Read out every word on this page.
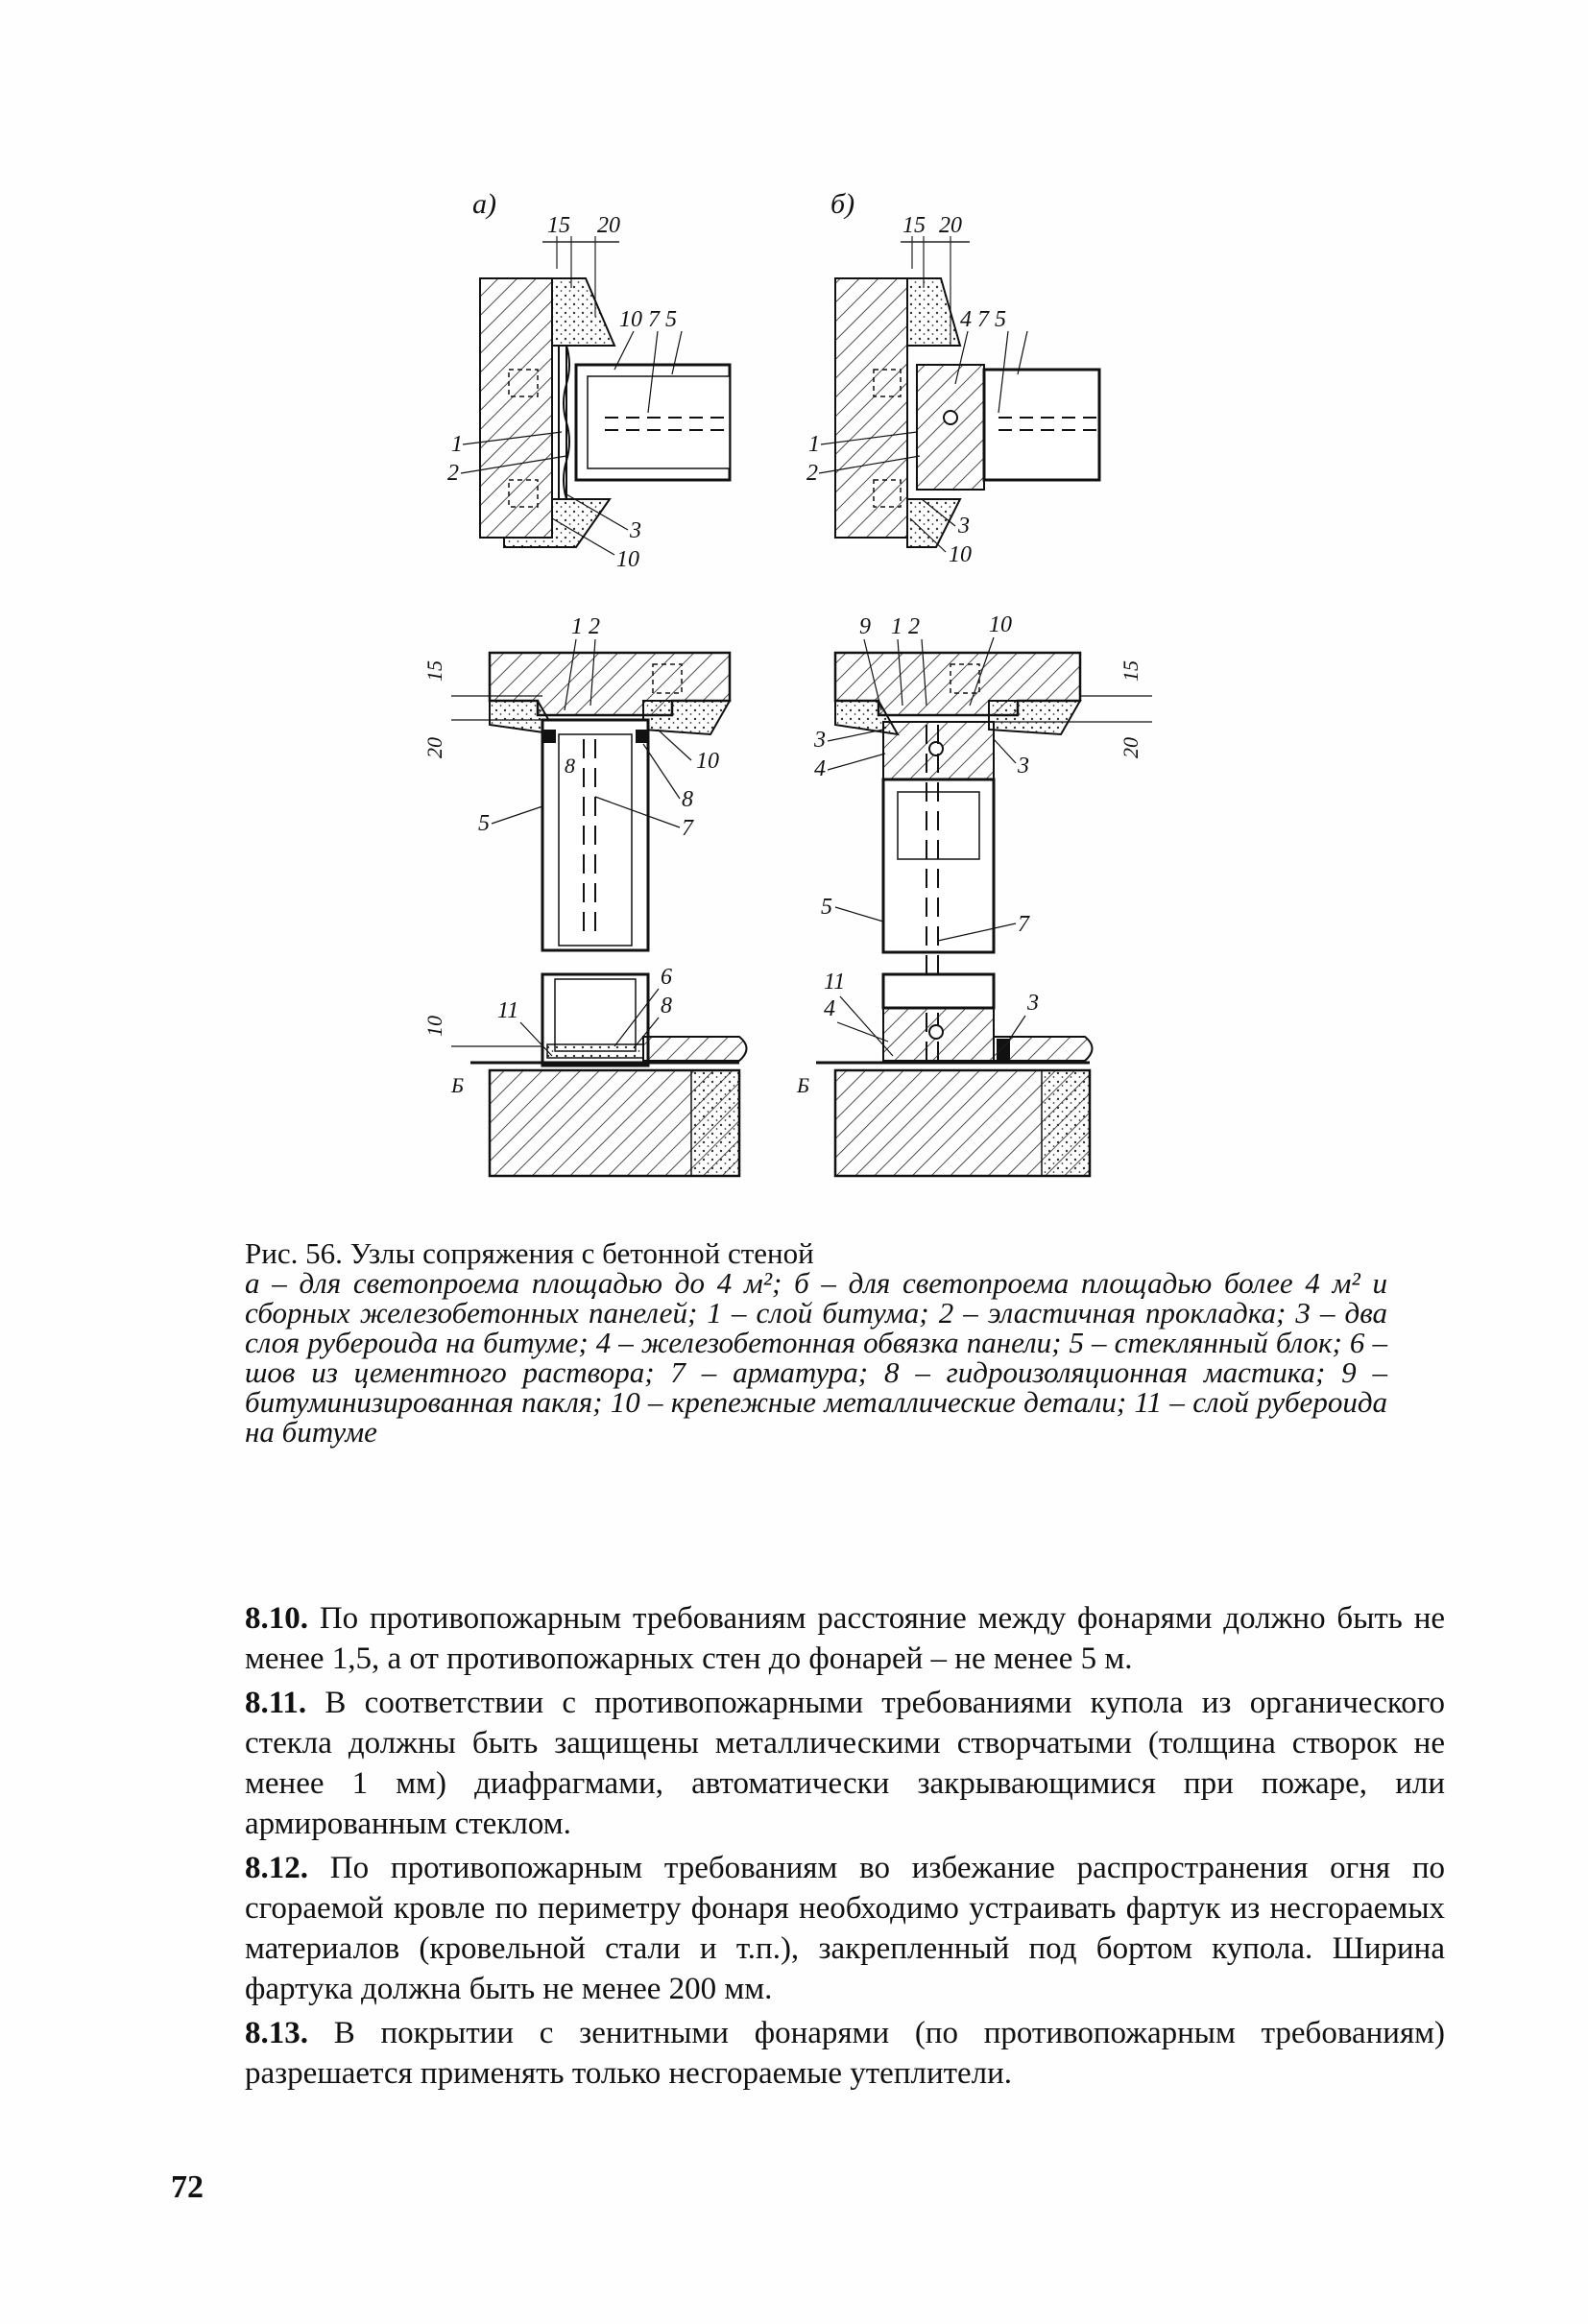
а)
15 20
10 7 5
1
2
3
10
б)
15 20
4 7 5
1
2
3
10
1 2
Б
15
20
10
8	10
8
7
5
6
8
11
9 1 2	10
Б
15
20
3
4	3
5
7
11
4	3
Рис. 56. Узлы сопряжения с бетонной стеной
а – для светопроема площадью до 4 м²; б – для светопроема площадью более 4 м² и сборных железобетонных панелей; 1 – слой битума; 2 – эластичная прокладка; 3 – два слоя рубероида на битуме; 4 – железобетонная обвязка панели; 5 – стеклянный блок; 6 – шов из цементного раствора; 7 – арматура; 8 – гидроизоляционная мастика; 9 – битуминизированная пакля; 10 – крепежные металлические детали; 11 – слой рубероида на битуме

8.10. По противопожарным требованиям расстояние между фонарями должно быть не менее 1,5, а от противопожарных стен до фонарей – не менее 5 м.

8.11. В соответствии с противопожарными требованиями купола из органического стекла должны быть защищены металлическими створчатыми (толщина створок не менее 1 мм) диафрагмами, автоматически закрывающимися при пожаре, или армированным стеклом.

8.12. По противопожарным требованиям во избежание распространения огня по сгораемой кровле по периметру фонаря необходимо устраивать фартук из несгораемых материалов (кровельной стали и т.п.), закрепленный под бортом купола. Ширина фартука должна быть не менее 200 мм.

8.13. В покрытии с зенитными фонарями (по противопожарным требованиям) разрешается применять только несгораемые утеплители.

72
